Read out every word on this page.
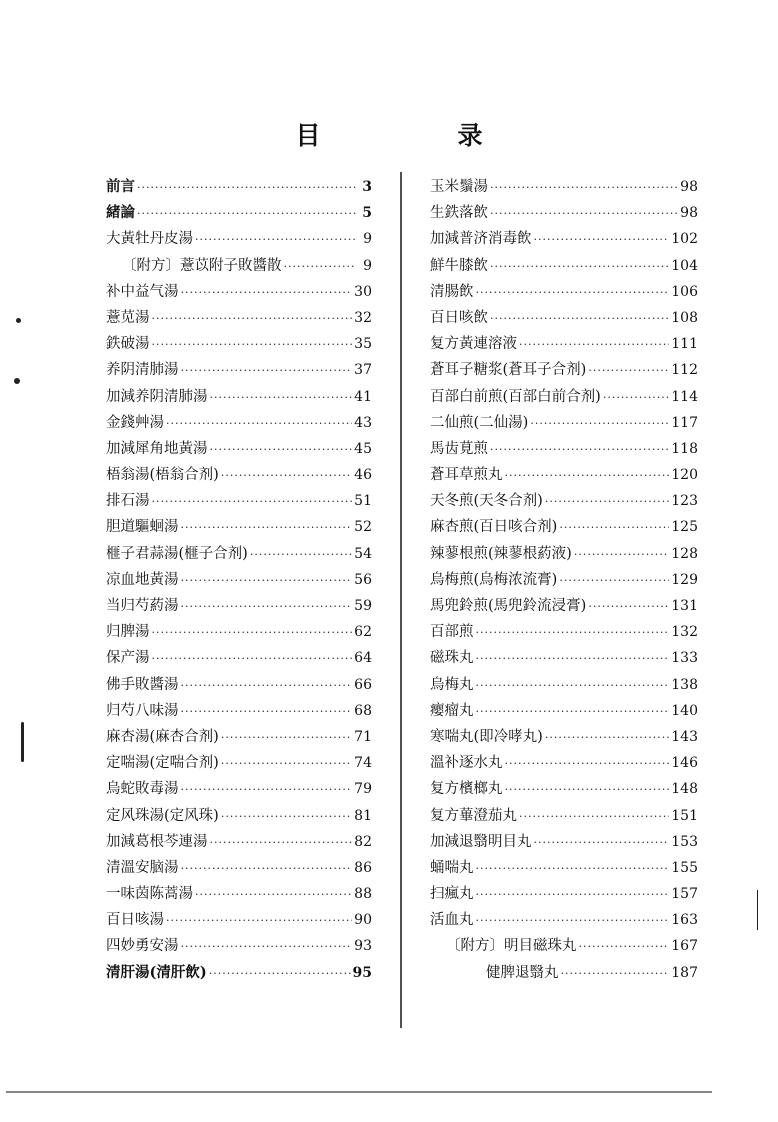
目　录
前言 ·····	3
緒論 ·····	5
大黃牡丹皮湯 ·····	9
〔附方〕薏苡附子敗醬散 ·····	9
补中益气湯 ·····	30
薏苋湯 ·····	32
鉄破湯 ·····	35
养阴清肺湯 ·····	37
加減养阴清肺湯 ·····	41
金錢艸湯 ·····	43
加減犀角地黃湯 ·····	45
梧翁湯(梧翁合剂) ·····	46
排石湯 ·····	51
胆道驅蛔湯 ·····	52
榧子君蒜湯(榧子合剂) ·····	54
凉血地黃湯 ·····	56
当归芍葯湯 ·····	59
归脾湯 ·····	62
保产湯 ·····	64
佛手敗醬湯 ·····	66
归芍八味湯 ·····	68
麻杏湯(麻杏合剂) ·····	71
定喘湯(定喘合剂) ·····	74
烏蛇敗毒湯 ·····	79
定风珠湯(定风珠) ·····	81
加減葛根芩連湯 ·····	82
清溫安脑湯 ·····	86
一味茵陈蒿湯 ·····	88
百日咳湯 ·····	90
四妙勇安湯 ·····	93
清肝湯(清肝飲) ·····	95
玉米鬚湯 ·····	98
生鉄落飲 ·····	98
加減普济消毒飲 ·····	102
鮮牛膝飲 ·····	104
清腸飲 ·····	106
百日咳飲 ·····	108
复方黃連溶液 ·····	111
蒼耳子糖浆(蒼耳子合剂) ·····	112
百部白前煎(百部白前合剂) ·····	114
二仙煎(二仙湯) ·····	117
馬齿莧煎 ·····	118
蒼耳草煎丸 ·····	120
天冬煎(天冬合剂) ·····	123
麻杏煎(百日咳合剂) ·····	125
辣蓼根煎(辣蓼根葯液) ·····	128
烏梅煎(烏梅浓流膏) ·····	129
馬兜鈴煎(馬兜鈴流浸膏) ·····	131
百部煎 ·····	132
磁珠丸 ·····	133
烏梅丸 ·····	138
瘿瘤丸 ·····	140
寒喘丸(即冷哮丸) ·····	143
溫补逐水丸 ·····	146
复方檳榔丸 ·····	148
复方蓽澄茄丸 ·····	151
加減退翳明目丸 ·····	153
蛹喘丸 ·····	155
扫瘋丸 ·····	157
活血丸 ·····	163
〔附方〕明目磁珠丸 ·····	167
健脾退翳丸 ·····	187
